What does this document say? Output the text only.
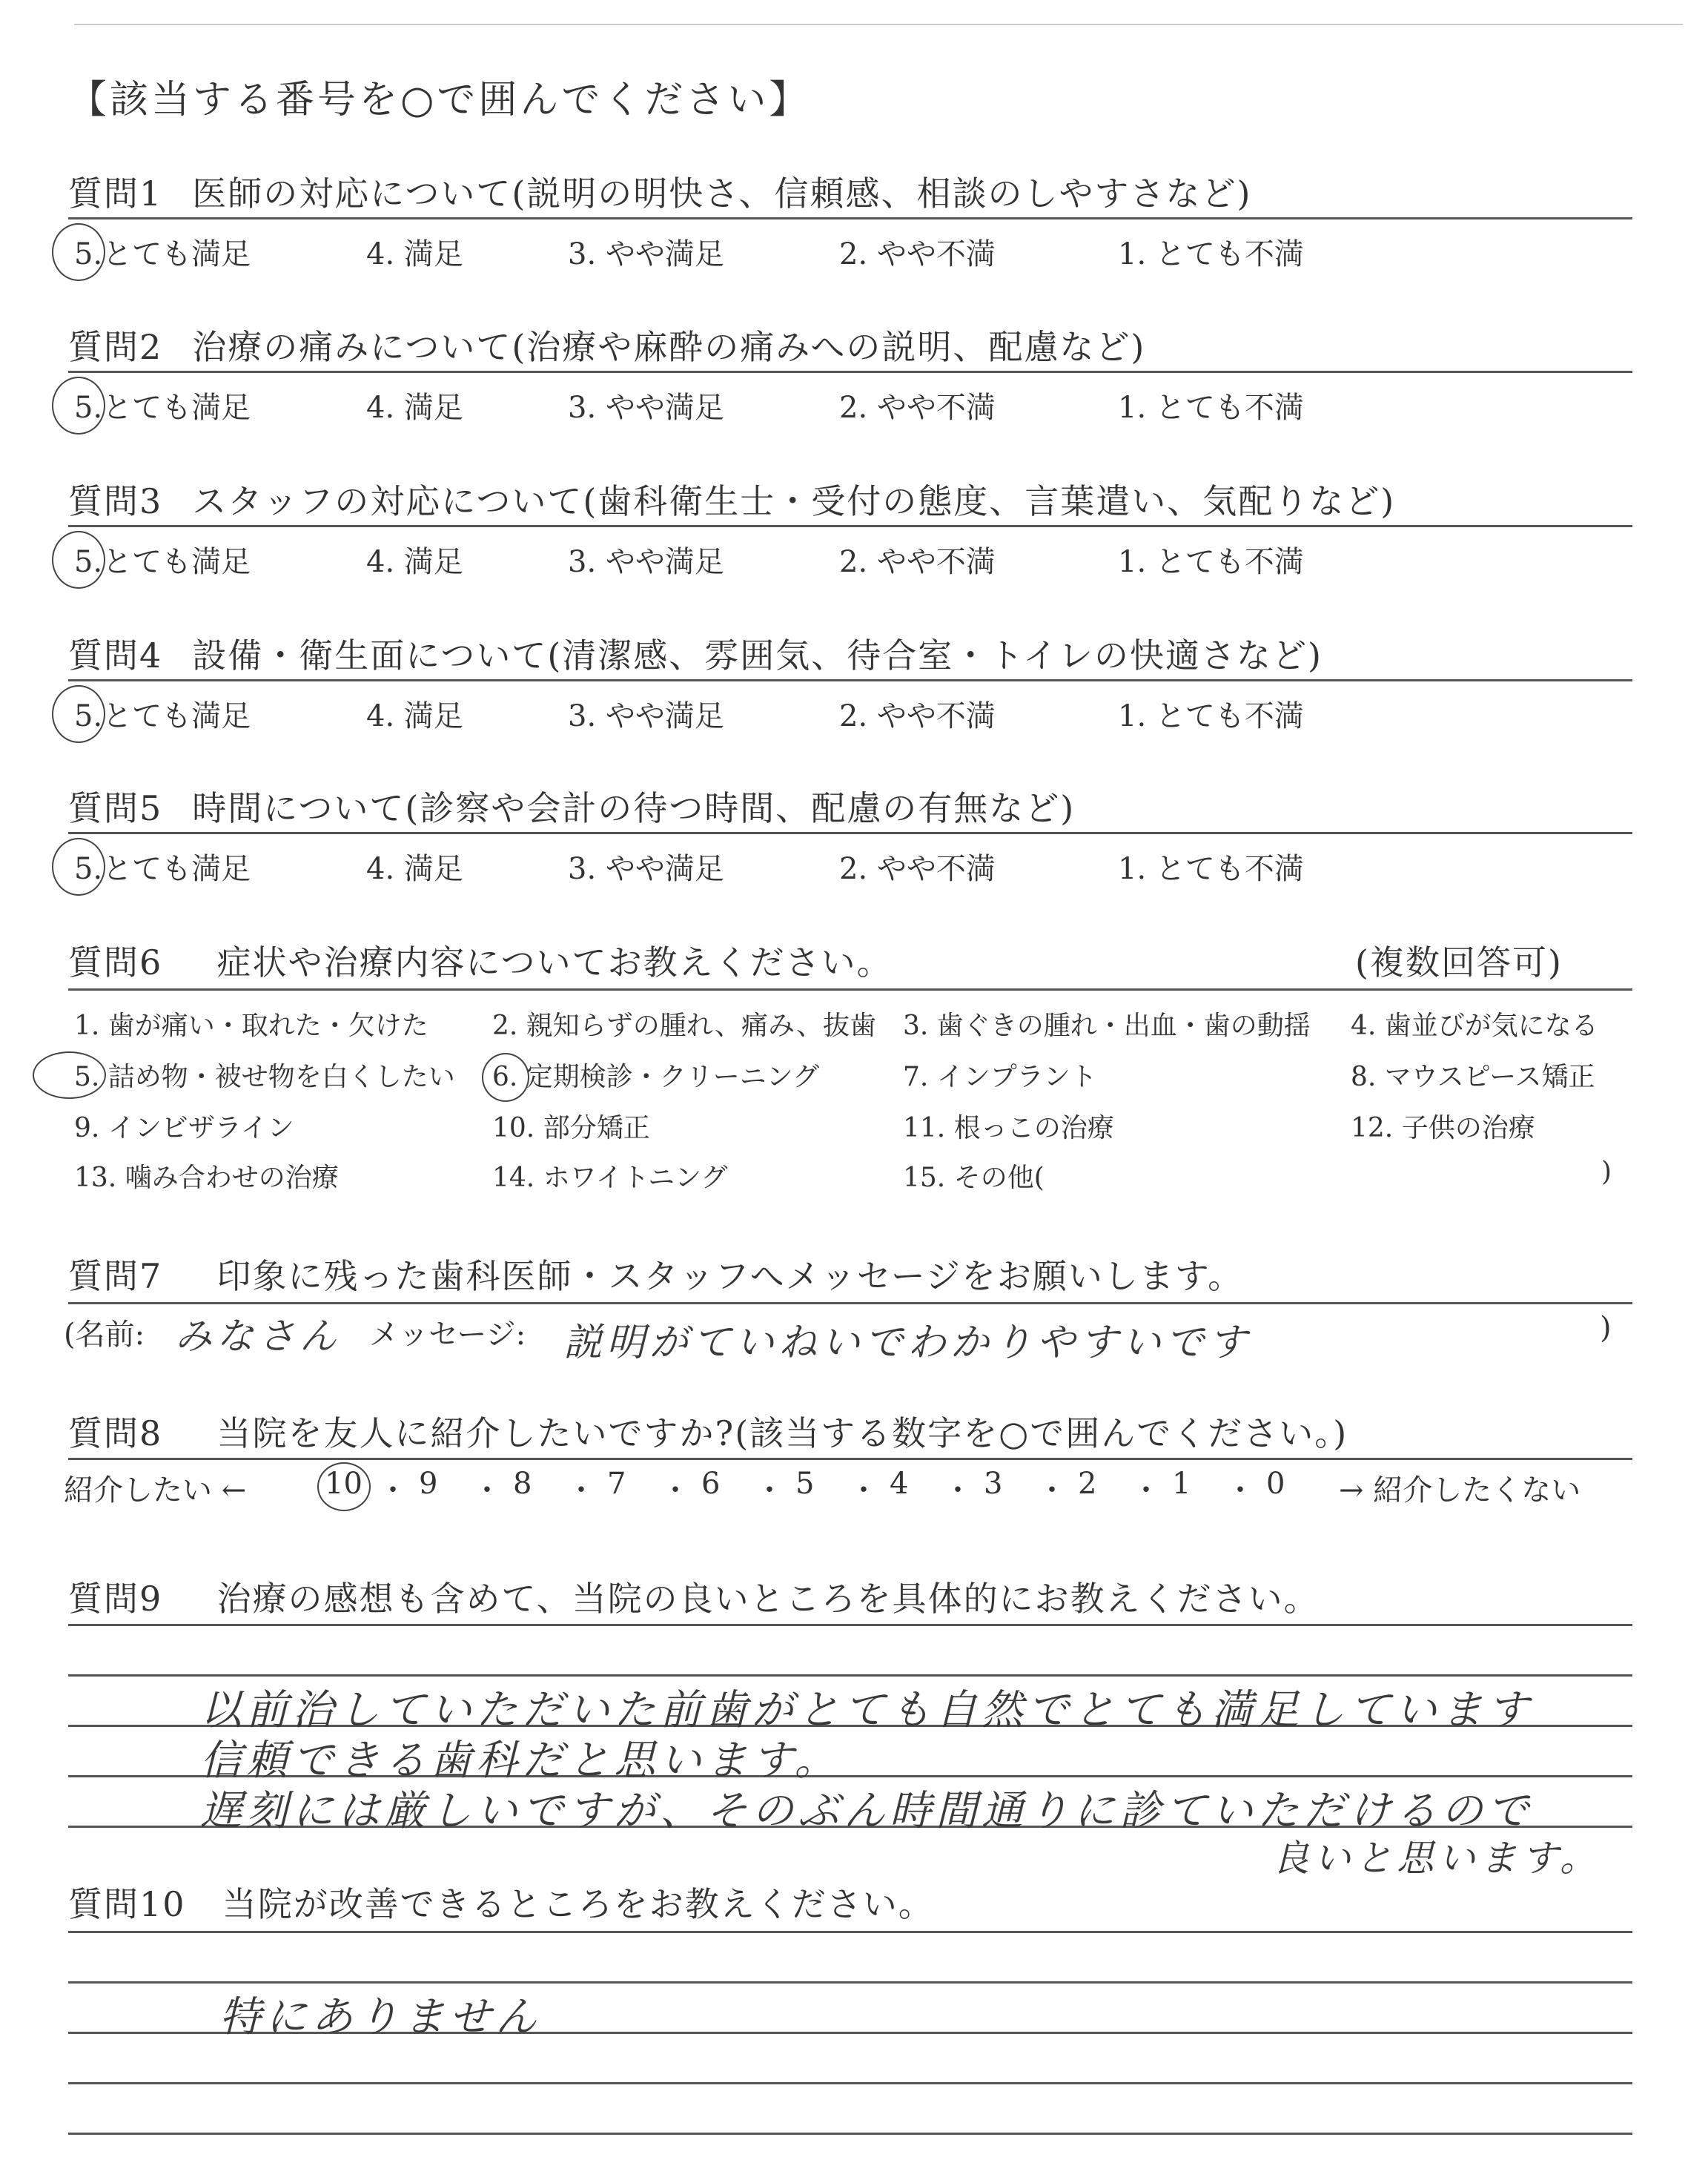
【該当する番号を○で囲んでください】
質問1 医師の対応について(説明の明快さ、信頼感、相談のしやすさなど)
5.とても満足	4. 満足	3. やや満足	2. やや不満	1. とても不満
質問2 治療の痛みについて(治療や麻酔の痛みへの説明、配慮など)
5.とても満足	4. 満足	3. やや満足	2. やや不満	1. とても不満
質問3 スタッフの対応について(歯科衛生士・受付の態度、言葉遣い、気配りなど)
5.とても満足	4. 満足	3. やや満足	2. やや不満	1. とても不満
質問4 設備・衛生面について(清潔感、雰囲気、待合室・トイレの快適さなど)
5.とても満足	4. 満足	3. やや満足	2. やや不満	1. とても不満
質問5 時間について(診察や会計の待つ時間、配慮の有無など)
5.とても満足	4. 満足	3. やや満足	2. やや不満	1. とても不満
質問6 症状や治療内容についてお教えください。	(複数回答可)
1. 歯が痛い・取れた・欠けた 2. 親知らずの腫れ、痛み、抜歯 3. 歯ぐきの腫れ・出血・歯の動揺 4. 歯並びが気になる
5. 詰め物・被せ物を白くしたい 6. 定期検診・クリーニング	7. インプラント	8. マウスピース矯正
9. インビザライン	10. 部分矯正	11. 根っこの治療	12. 子供の治療
13. 噛み合わせの治療	14. ホワイトニング	15. その他(	)
質問7 印象に残った歯科医師・スタッフへメッセージをお願いします。
(名前: みなさん メッセージ: 説明がていねいでわかりやすいです	)
質問8 当院を友人に紹介したいですか?(該当する数字を○で囲んでください。)
紹介したい ←	10 ・ 9 ・ 8 ・ 7 ・ 6 ・ 5 ・ 4 ・ 3 ・ 2 ・ 1 ・ 0 → 紹介したくない
質問9 治療の感想も含めて、当院の良いところを具体的にお教えください。
以前治していただいた前歯がとても自然でとても満足しています
信頼できる歯科だと思います。
遅刻には厳しいですが、そのぶん時間通りに診ていただけるので
良いと思います。
質問10 当院が改善できるところをお教えください。
特にありません
